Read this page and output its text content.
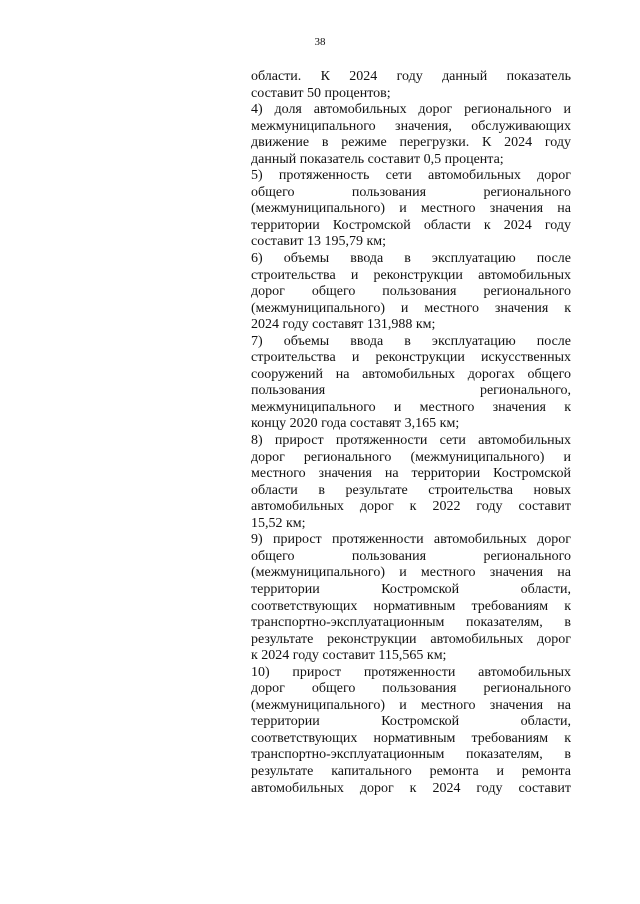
38
области. К 2024 году данный показатель
составит 50 процентов;
4) доля автомобильных дорог регионального и
межмуниципального значения, обслуживающих
движение в режиме перегрузки. К 2024 году
данный показатель составит 0,5 процента;
5) протяженность сети автомобильных дорог
общего пользования регионального
(межмуниципального) и местного значения на
территории Костромской области к 2024 году
составит 13 195,79 км;
6) объемы ввода в эксплуатацию после
строительства и реконструкции автомобильных
дорог общего пользования регионального
(межмуниципального) и местного значения к
2024 году составят 131,988 км;
7) объемы ввода в эксплуатацию после
строительства и реконструкции искусственных
сооружений на автомобильных дорогах общего
пользования регионального,
межмуниципального и местного значения к
концу 2020 года составят 3,165 км;
8) прирост протяженности сети автомобильных
дорог регионального (межмуниципального) и
местного значения на территории Костромской
области в результате строительства новых
автомобильных дорог к 2022 году составит
15,52 км;
9) прирост протяженности автомобильных дорог
общего пользования регионального
(межмуниципального) и местного значения на
территории Костромской области,
соответствующих нормативным требованиям к
транспортно-эксплуатационным показателям, в
результате реконструкции автомобильных дорог
к 2024 году составит 115,565 км;
10) прирост протяженности автомобильных
дорог общего пользования регионального
(межмуниципального) и местного значения на
территории Костромской области,
соответствующих нормативным требованиям к
транспортно-эксплуатационным показателям, в
результате капитального ремонта и ремонта
автомобильных дорог к 2024 году составит
